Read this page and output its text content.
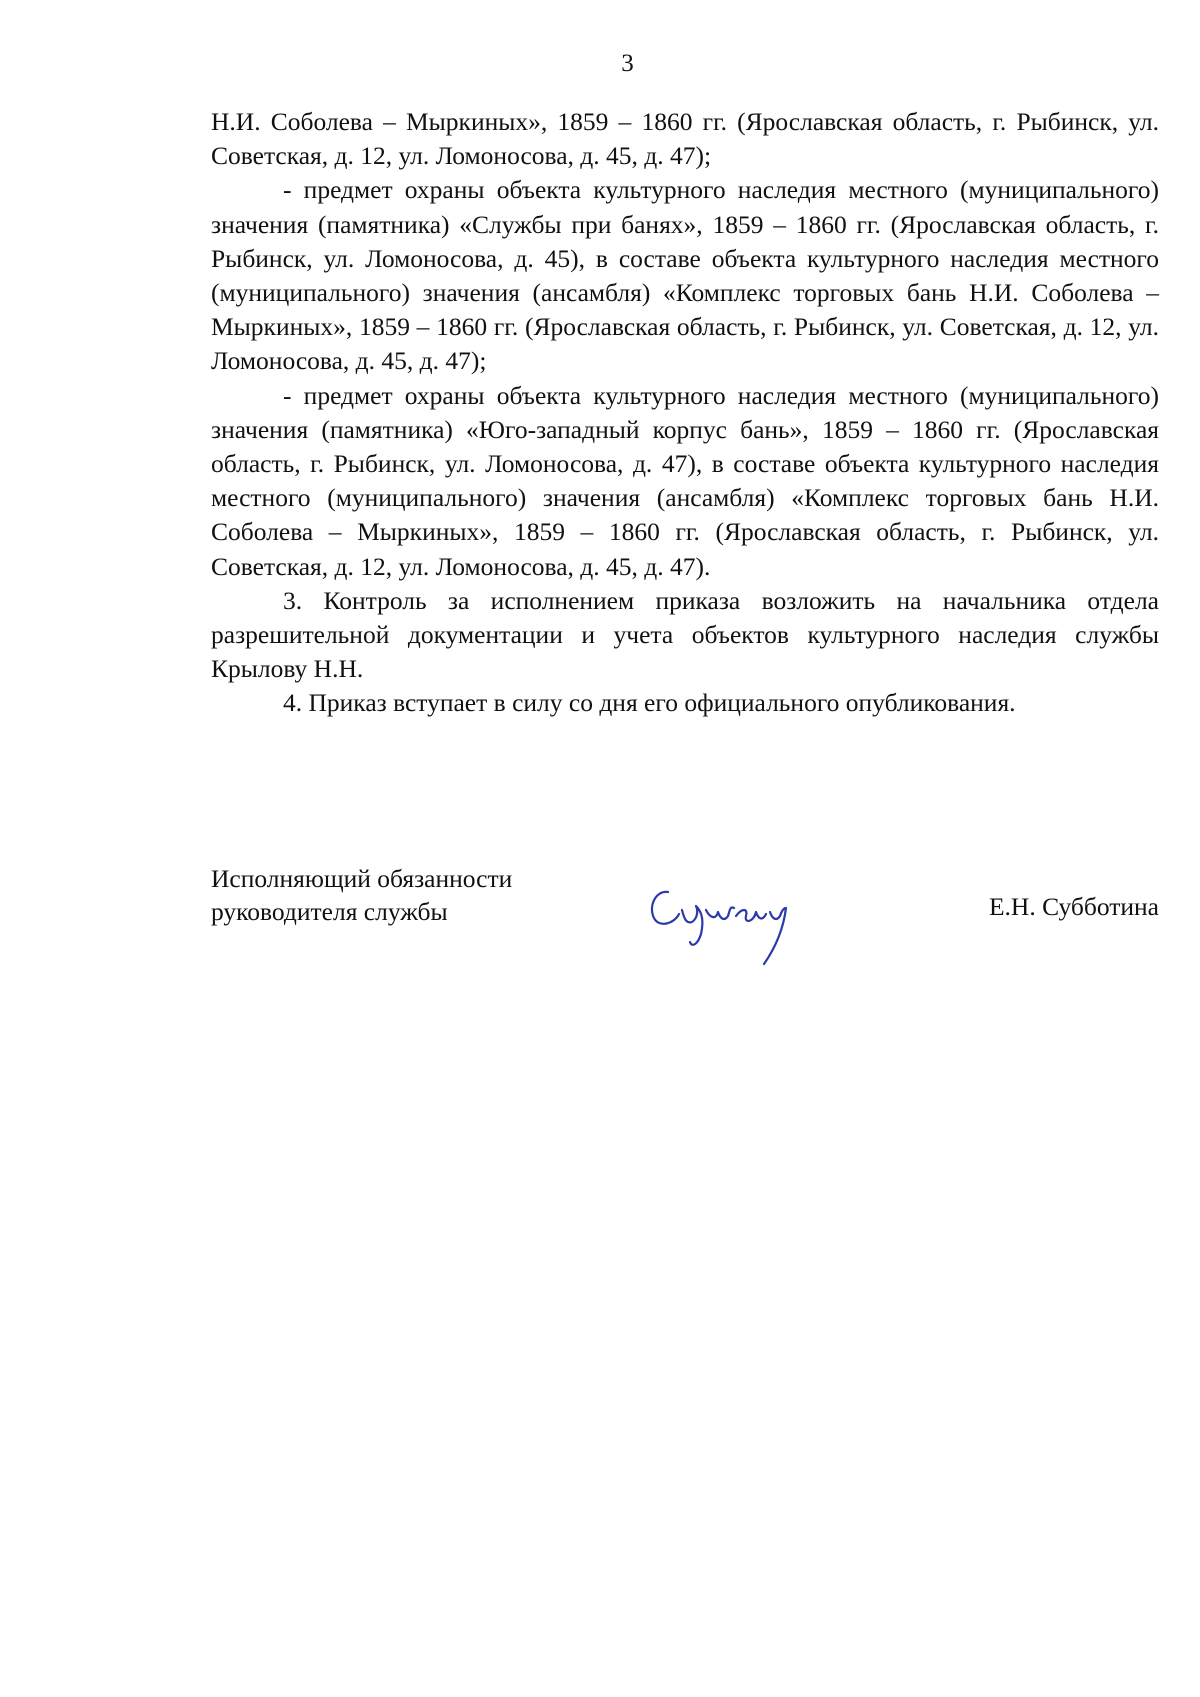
3

Н.И. Соболева – Мыркиных», 1859 – 1860 гг. (Ярославская область, г. Рыбинск, ул. Советская, д. 12, ул. Ломоносова, д. 45, д. 47);

- предмет охраны объекта культурного наследия местного (муниципального) значения (памятника) «Службы при банях», 1859 – 1860 гг. (Ярославская область, г. Рыбинск, ул. Ломоносова, д. 45), в составе объекта культурного наследия местного (муниципального) значения (ансамбля) «Комплекс торговых бань Н.И. Соболева – Мыркиных», 1859 – 1860 гг. (Ярославская область, г. Рыбинск, ул. Советская, д. 12, ул. Ломоносова, д. 45, д. 47);

- предмет охраны объекта культурного наследия местного (муниципального) значения (памятника) «Юго-западный корпус бань», 1859 – 1860 гг. (Ярославская область, г. Рыбинск, ул. Ломоносова, д. 47), в составе объекта культурного наследия местного (муниципального) значения (ансамбля) «Комплекс торговых бань Н.И. Соболева – Мыркиных», 1859 – 1860 гг. (Ярославская область, г. Рыбинск, ул. Советская, д. 12, ул. Ломоносова, д. 45, д. 47).

3. Контроль за исполнением приказа возложить на начальника отдела разрешительной документации и учета объектов культурного наследия службы Крылову Н.Н.

4. Приказ вступает в силу со дня его официального опубликования.

Исполняющий обязанности
руководителя службы	Е.Н. Субботина
